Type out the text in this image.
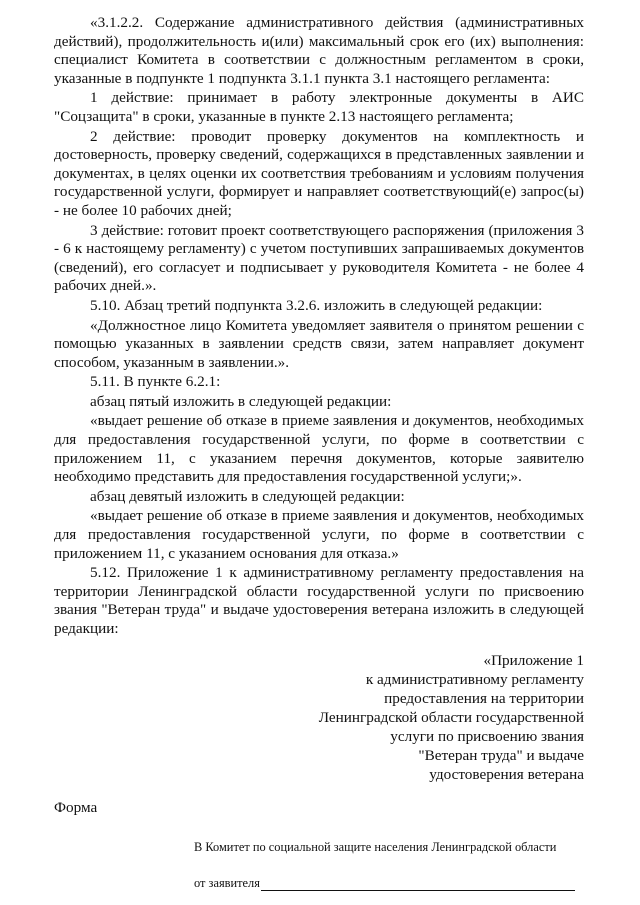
«3.1.2.2. Содержание административного действия (административных действий), продолжительность и(или) максимальный срок его (их) выполнения: специалист Комитета в соответствии с должностным регламентом в сроки, указанные в подпункте 1 подпункта 3.1.1 пункта 3.1 настоящего регламента:

1 действие: принимает в работу электронные документы в АИС "Соцзащита" в сроки, указанные в пункте 2.13 настоящего регламента;

2 действие: проводит проверку документов на комплектность и достоверность, проверку сведений, содержащихся в представленных заявлении и документах, в целях оценки их соответствия требованиям и условиям получения государственной услуги, формирует и направляет соответствующий(е) запрос(ы) - не более 10 рабочих дней;

3 действие: готовит проект соответствующего распоряжения (приложения 3 - 6 к настоящему регламенту) с учетом поступивших запрашиваемых документов (сведений), его согласует и подписывает у руководителя Комитета - не более 4 рабочих дней.».

5.10. Абзац третий подпункта 3.2.6. изложить в следующей редакции:

«Должностное лицо Комитета уведомляет заявителя о принятом решении с помощью указанных в заявлении средств связи, затем направляет документ способом, указанным в заявлении.».

5.11. В пункте 6.2.1:

абзац пятый изложить в следующей редакции:

«выдает решение об отказе в приеме заявления и документов, необходимых для предоставления государственной услуги, по форме в соответствии с приложением 11, с указанием перечня документов, которые заявителю необходимо представить для предоставления государственной услуги;».

абзац девятый изложить в следующей редакции:

«выдает решение об отказе в приеме заявления и документов, необходимых для предоставления государственной услуги, по форме в соответствии с приложением 11, с указанием основания для отказа.»

5.12. Приложение 1 к административному регламенту предоставления на территории Ленинградской области государственной услуги по присвоению звания "Ветеран труда" и выдаче удостоверения ветерана изложить в следующей редакции:

«Приложение 1
к административному регламенту
предоставления на территории
Ленинградской области государственной
услуги по присвоению звания
"Ветеран труда" и выдаче
удостоверения ветерана
Форма
В Комитет по социальной защите населения Ленинградской области
от заявителя
